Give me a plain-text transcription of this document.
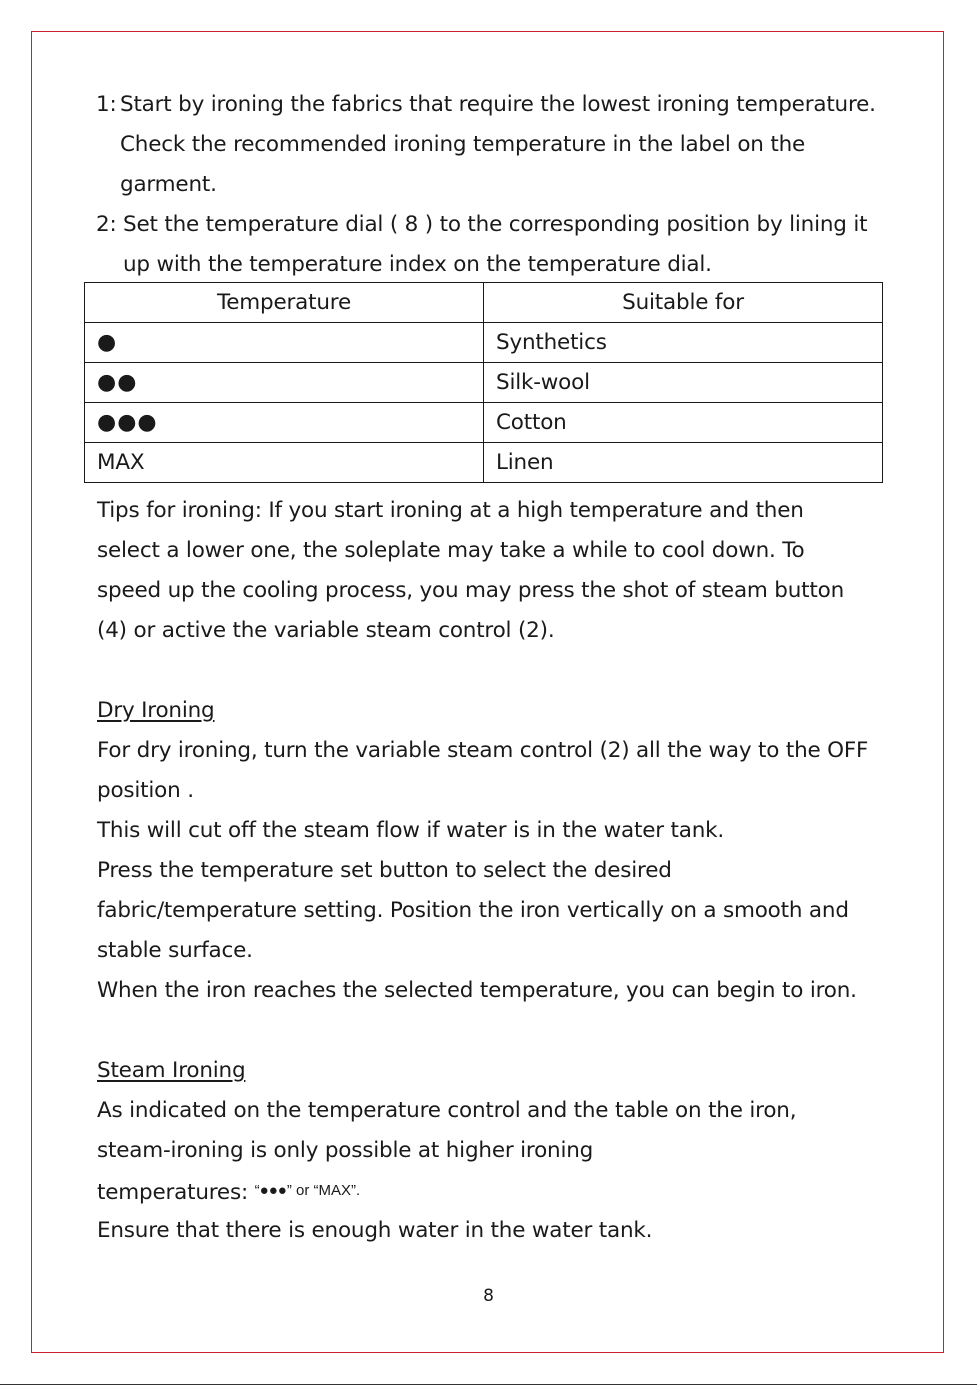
1: Start by ironing the fabrics that require the lowest ironing temperature.
Check the recommended ironing temperature in the label on the
garment.
2: Set the temperature dial ( 8 ) to the corresponding position by lining it
up with the temperature index on the temperature dial.
Temperature	Suitable for
●	Synthetics
●●	Silk-wool
●●●	Cotton
MAX	Linen
Tips for ironing: If you start ironing at a high temperature and then
select a lower one, the soleplate may take a while to cool down. To
speed up the cooling process, you may press the shot of steam button
(4) or active the variable steam control (2).
Dry Ironing
For dry ironing, turn the variable steam control (2) all the way to the OFF
position .
This will cut off the steam flow if water is in the water tank.
Press the temperature set button to select the desired
fabric/temperature setting. Position the iron vertically on a smooth and
stable surface.
When the iron reaches the selected temperature, you can begin to iron.
Steam Ironing
As indicated on the temperature control and the table on the iron,
steam-ironing is only possible at higher ironing
temperatures: “●●●” or “MAX”.
Ensure that there is enough water in the water tank.
8
